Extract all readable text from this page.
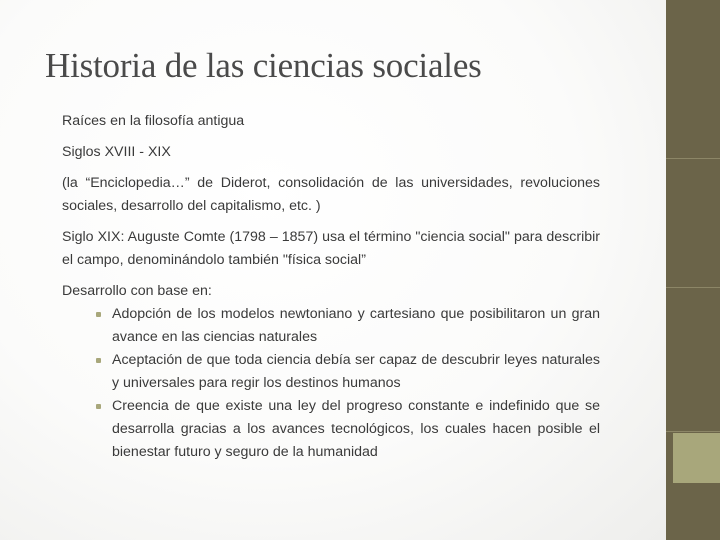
Historia de las ciencias sociales

Raíces en la filosofía antigua

Siglos XVIII - XIX

(la “Enciclopedia…” de Diderot, consolidación de las universidades, revoluciones sociales, desarrollo del capitalismo, etc. )

Siglo XIX: Auguste Comte (1798 – 1857) usa el término "ciencia social" para describir el campo, denominándolo también "física social”

Desarrollo con base en:

Adopción de los modelos newtoniano y cartesiano que posibilitaron un gran avance en las ciencias naturales
Aceptación de que toda ciencia debía ser capaz de descubrir leyes naturales y universales para regir los destinos humanos
Creencia de que existe una ley del progreso constante e indefinido que se desarrolla gracias a los avances tecnológicos, los cuales hacen posible el bienestar futuro y seguro de la humanidad
